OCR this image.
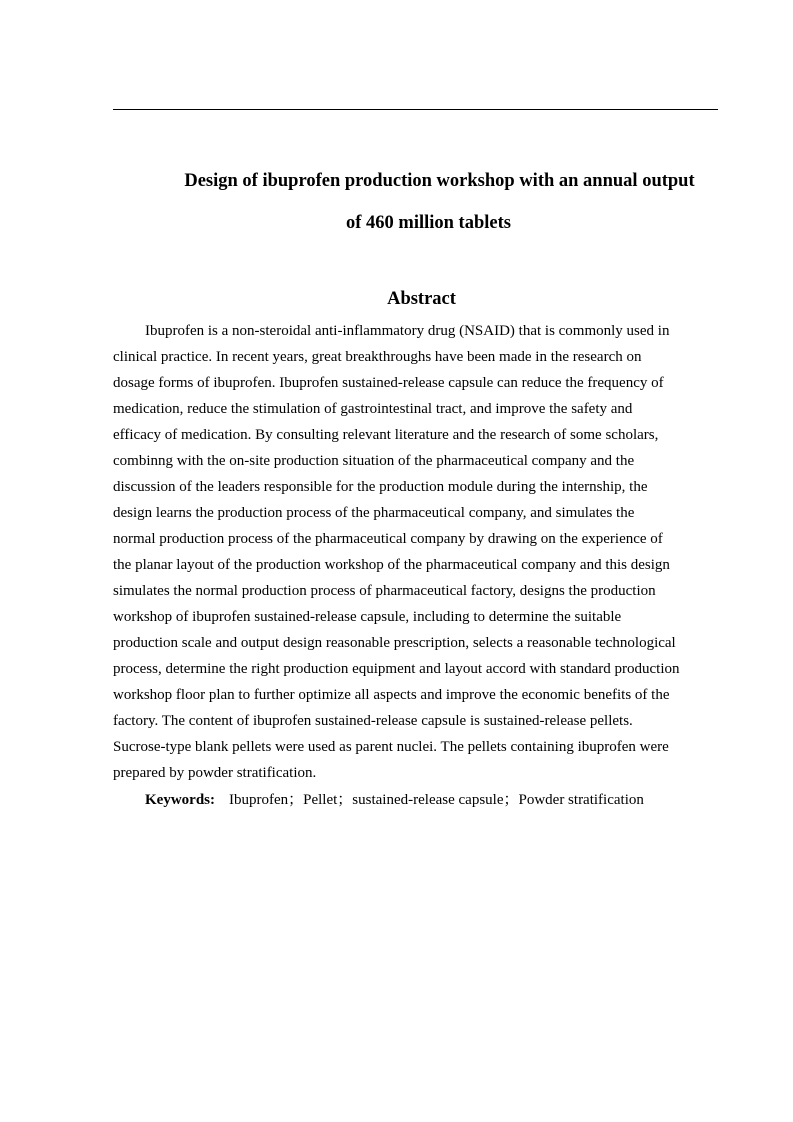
Design of ibuprofen production workshop with an annual output
of 460 million tablets
Abstract
Ibuprofen is a non-steroidal anti-inflammatory drug (NSAID) that is commonly used in
clinical practice. In recent years, great breakthroughs have been made in the research on
dosage forms of ibuprofen. Ibuprofen sustained-release capsule can reduce the frequency of
medication, reduce the stimulation of gastrointestinal tract, and improve the safety and
efficacy of medication. By consulting relevant literature and the research of some scholars,
combinng with the on-site production situation of the pharmaceutical company and the
discussion of the leaders responsible for the production module during the internship, the
design learns the production process of the pharmaceutical company, and simulates the
normal production process of the pharmaceutical company by drawing on the experience of
the planar layout of the production workshop of the pharmaceutical company and this design
simulates the normal production process of pharmaceutical factory, designs the production
workshop of ibuprofen sustained-release capsule, including to determine the suitable
production scale and output design reasonable prescription, selects a reasonable technological
process, determine the right production equipment and layout accord with standard production
workshop floor plan to further optimize all aspects and improve the economic benefits of the
factory. The content of ibuprofen sustained-release capsule is sustained-release pellets.
Sucrose-type blank pellets were used as parent nuclei. The pellets containing ibuprofen were
prepared by powder stratification.
Keywords: Ibuprofen；Pellet；sustained-release capsule；Powder stratification
